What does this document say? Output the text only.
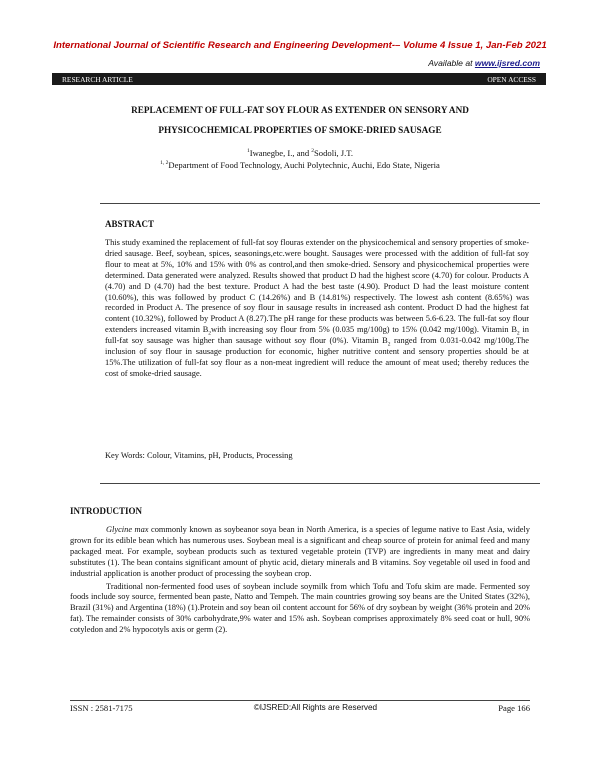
International Journal of Scientific Research and Engineering Development-– Volume 4 Issue 1, Jan-Feb 2021
Available at www.ijsred.com
RESEARCH ARTICLE	OPEN ACCESS
REPLACEMENT OF FULL-FAT SOY FLOUR AS EXTENDER ON SENSORY AND
PHYSICOCHEMICAL PROPERTIES OF SMOKE-DRIED SAUSAGE
$^1$Iwanegbe, I., and $^2$Sodoli, J.T.
$^{1, 2}$Department of Food Technology, Auchi Polytechnic, Auchi, Edo State, Nigeria
ABSTRACT
This study examined the replacement of full-fat soy flouras extender on the physicochemical and sensory properties of smoke-dried sausage. Beef, soybean, spices, seasonings,etc.were bought. Sausages were processed with the addition of full-fat soy flour to meat at 5%, 10% and 15% with 0% as control,and then smoke-dried. Sensory and physicochemical properties were determined. Data generated were analyzed. Results showed that product D had the highest score (4.70) for colour. Products A (4.70) and D (4.70) had the best texture. Product A had the best taste (4.90). Product D had the least moisture content (10.60%), this was followed by product C (14.26%) and B (14.81%) respectively. The lowest ash content (8.65%) was recorded in Product A. The presence of soy flour in sausage results in increased ash content. Product D had the highest fat content (10.32%), followed by Product A (8.27).The pH range for these products was between 5.6-6.23. The full-fat soy flour extenders increased vitamin $B_2with$ increasing soy flour from 5% (0.035 mg/100g) to 15% (0.042 mg/100g). Vitamin $B_2$ in full-fat soy sausage was higher than sausage without soy flour (0%). Vitamin $B_2$ ranged from 0.031-0.042 mg/100g.The inclusion of soy flour in sausage production for economic, higher nutritive content and sensory properties should be at 15%.The utilization of full-fat soy flour as a non-meat ingredient will reduce the amount of meat used; thereby reduces the cost of smoke-dried sausage.
Key Words: Colour, Vitamins, pH, Products, Processing
INTRODUCTION

Glycine max commonly known as soybeanor soya bean in North America, is a species of legume native to East Asia, widely grown for its edible bean which has numerous uses. Soybean meal is a significant and cheap source of protein for animal feed and many packaged meat. For example, soybean products such as textured vegetable protein (TVP) are ingredients in many meat and dairy substitutes (1). The bean contains significant amount of phytic acid, dietary minerals and B vitamins. Soy vegetable oil used in food and industrial application is another product of processing the soybean crop.

Traditional non-fermented food uses of soybean include soymilk from which Tofu and Tofu skim are made. Fermented soy foods include soy source, fermented bean paste, Natto and Tempeh. The main countries growing soy beans are the United States (32%), Brazil (31%) and Argentina (18%) (1).Protein and soy bean oil content account for 56% of dry soybean by weight (36% protein and 20% fat). The remainder consists of 30% carbohydrate,9% water and 15% ash. Soybean comprises approximately 8% seed coat or hull, 90% cotyledon and 2% hypocotyls axis or germ (2).

ISSN : 2581-7175	©IJSRED:All Rights are Reserved	Page 166
